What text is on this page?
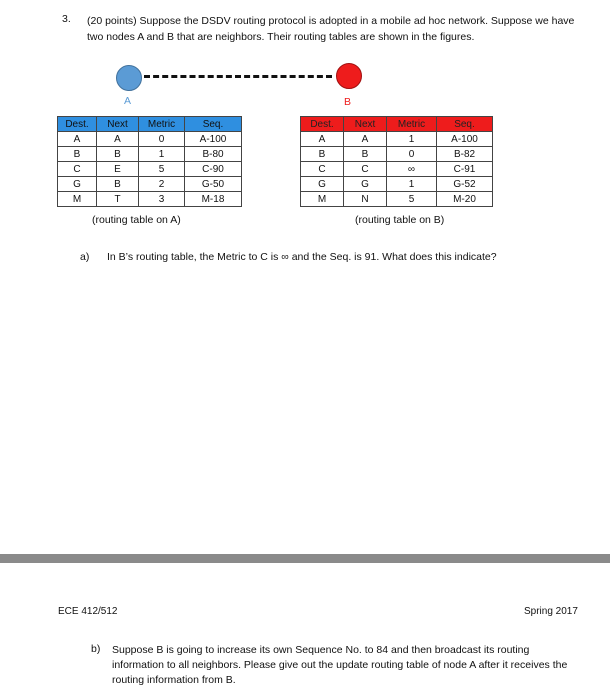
3. (20 points) Suppose the DSDV routing protocol is adopted in a mobile ad hoc network. Suppose we have two nodes A and B that are neighbors. Their routing tables are shown in the figures.
A	B
Dest.	Next	Metric	Seq.
A	A	0	A-100
B	B	1	B-80
C	E	5	C-90
G	B	2	G-50
M	T	3	M-18
(routing table on A)
Dest.	Next	Metric	Seq.
A	A	1	A-100
B	B	0	B-82
C	C	∞	C-91
G	G	1	G-52
M	N	5	M-20
(routing table on B)
a) In B’s routing table, the Metric to C is ∞ and the Seq. is 91. What does this indicate?
ECE 412/512	Spring 2017
b) Suppose B is going to increase its own Sequence No. to 84 and then broadcast its routing information to all neighbors. Please give out the update routing table of node A after it receives the routing information from B.
